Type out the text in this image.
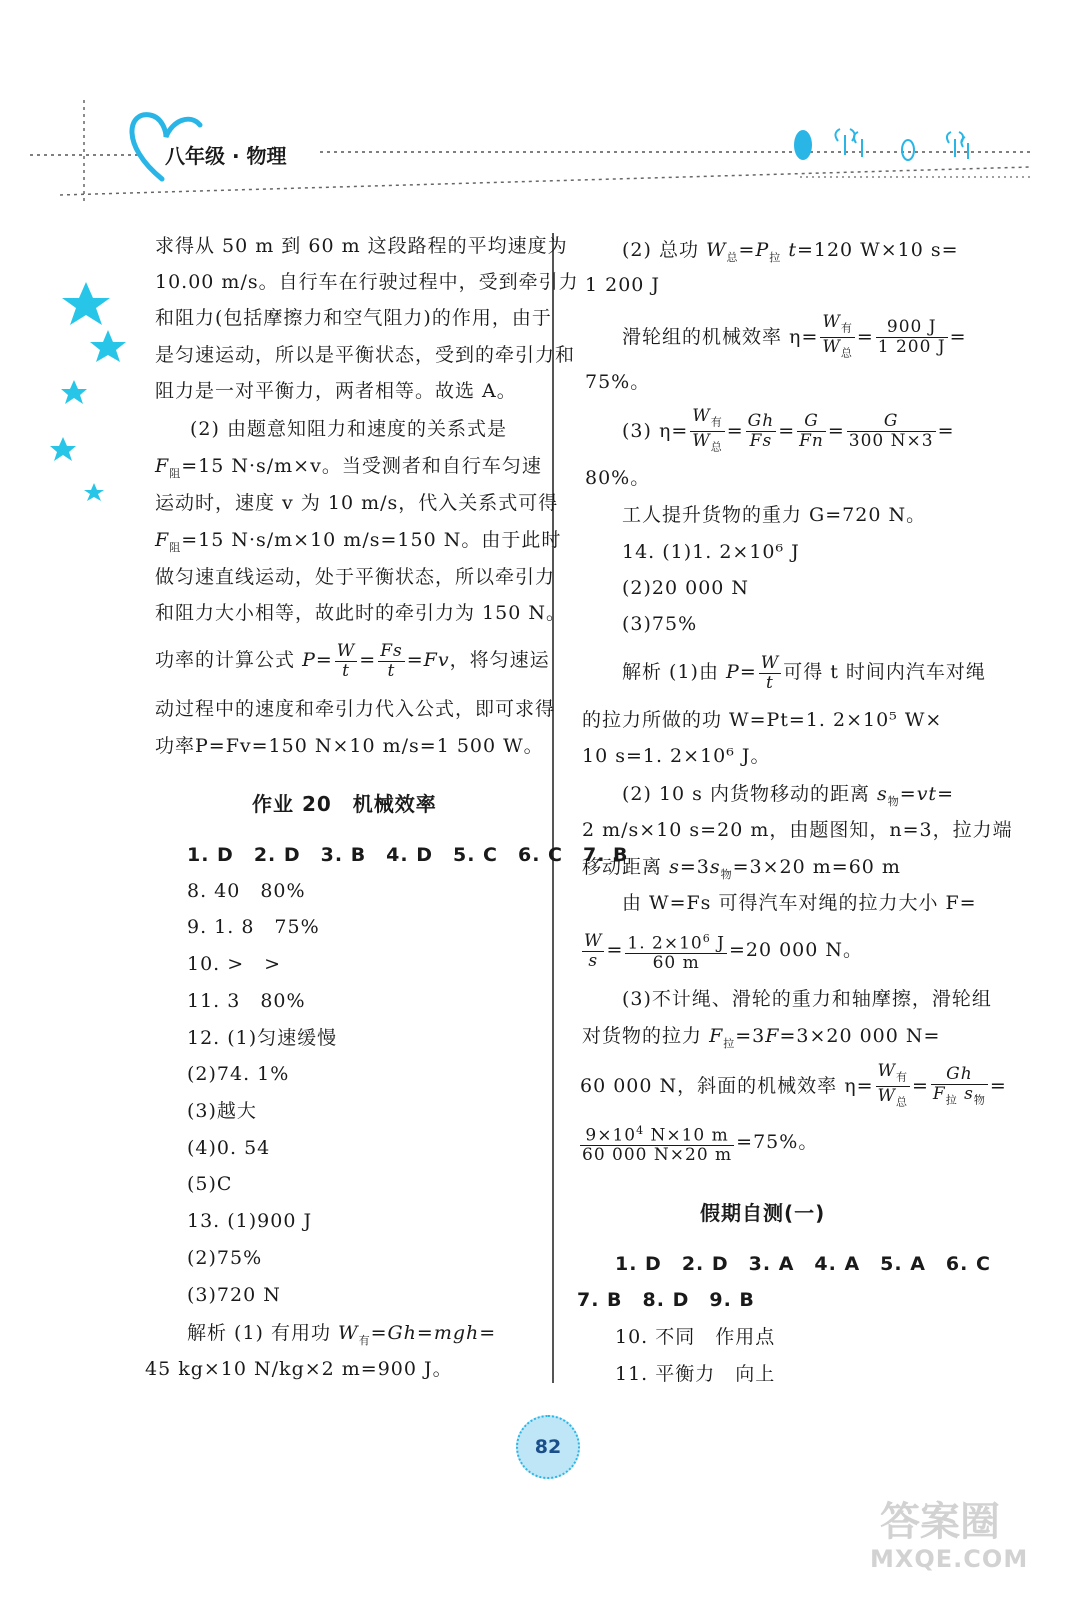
八年级 · 物理
求得从 50 m 到 60 m 这段路程的平均速度为
10.00 m/s。自行车在行驶过程中，受到牵引力
和阻力(包括摩擦力和空气阻力)的作用，由于
是匀速运动，所以是平衡状态，受到的牵引力和
阻力是一对平衡力，两者相等。故选 A。
(2) 由题意知阻力和速度的关系式是
$F_阻=15$ N·s/m×v。当受测者和自行车匀速
运动时，速度 v 为 10 m/s，代入关系式可得
$F_阻=15$ N·s/m×10 m/s=150 N。由于此时
做匀速直线运动，处于平衡状态，所以牵引力
和阻力大小相等，故此时的牵引力为 150 N。
功率的计算公式 $P= \frac{W}{t} = \frac{Fs}{t} =Fv$，将匀速运
动过程中的速度和牵引力代入公式，即可求得
功率P=Fv=150 N×10 m/s=1 500 W。
作业 20　机械效率
1. D　2. D　3. B　4. D　5. C　6. C　7. B
8. 40　80%
9. 1. 8　75%
10. >　>
11. 3　80%
12. (1)匀速缓慢
(2)74. 1%
(3)越大
(4)0. 54
(5)C
13. (1)900 J
(2)75%
(3)720 N
解析 (1) 有用功 $W_有=Gh=mgh=$
45 kg×10 N/kg×2 m=900 J。
(2) 总功 $W_总=P_拉$ t=120 W×10 s=
1 200 J
滑轮组的机械效率 $\eta= \frac{W_有}{W_总} = \frac{900 J}{1 200 J}$ =
75%。
(3) $\eta= \frac{W_有}{W_总} = \frac{Gh}{Fs} = \frac{G}{Fn} = \frac{G}{300 N\times 3}$ =
80%。
工人提升货物的重力 G=720 N。
14. (1)1. 2×10⁶ J
(2)20 000 N
(3)75%
解析 (1)由 $P= \frac{W}{t}$ 可得 t 时间内汽车对绳
的拉力所做的功 W=Pt=1. 2×10⁵ W×
10 s=1. 2×10⁶ J。
(2) 10 s 内货物移动的距离 $s_物=vt=$
2 m/s×10 s=20 m，由题图知，n=3，拉力端
移动距离 $s=3s_物=3\times 20$ m=60 m
由 W=Fs 可得汽车对绳的拉力大小 F=
$\frac{W}{s} = \frac{1. 2\times 10^6 J}{60 m} =20$ 000 N。
(3)不计绳、滑轮的重力和轴摩擦，滑轮组
对货物的拉力 $F_拉=3F=3\times 20$ 000 N=
60 000 N，斜面的机械效率 $\eta= \frac{W_有}{W_总} = \frac{Gh}{F_拉 s_物}$ =
$\frac{9\times 10^4 N\times 10 m}{60 000 N\times 20 m} =75\%$。
假期自测(一)
1. D　2. D　3. A　4. A　5. A　6. C
7. B　8. D　9. B
10. 不同　作用点
11. 平衡力　向上
82
答案圈
MXQE.COM
